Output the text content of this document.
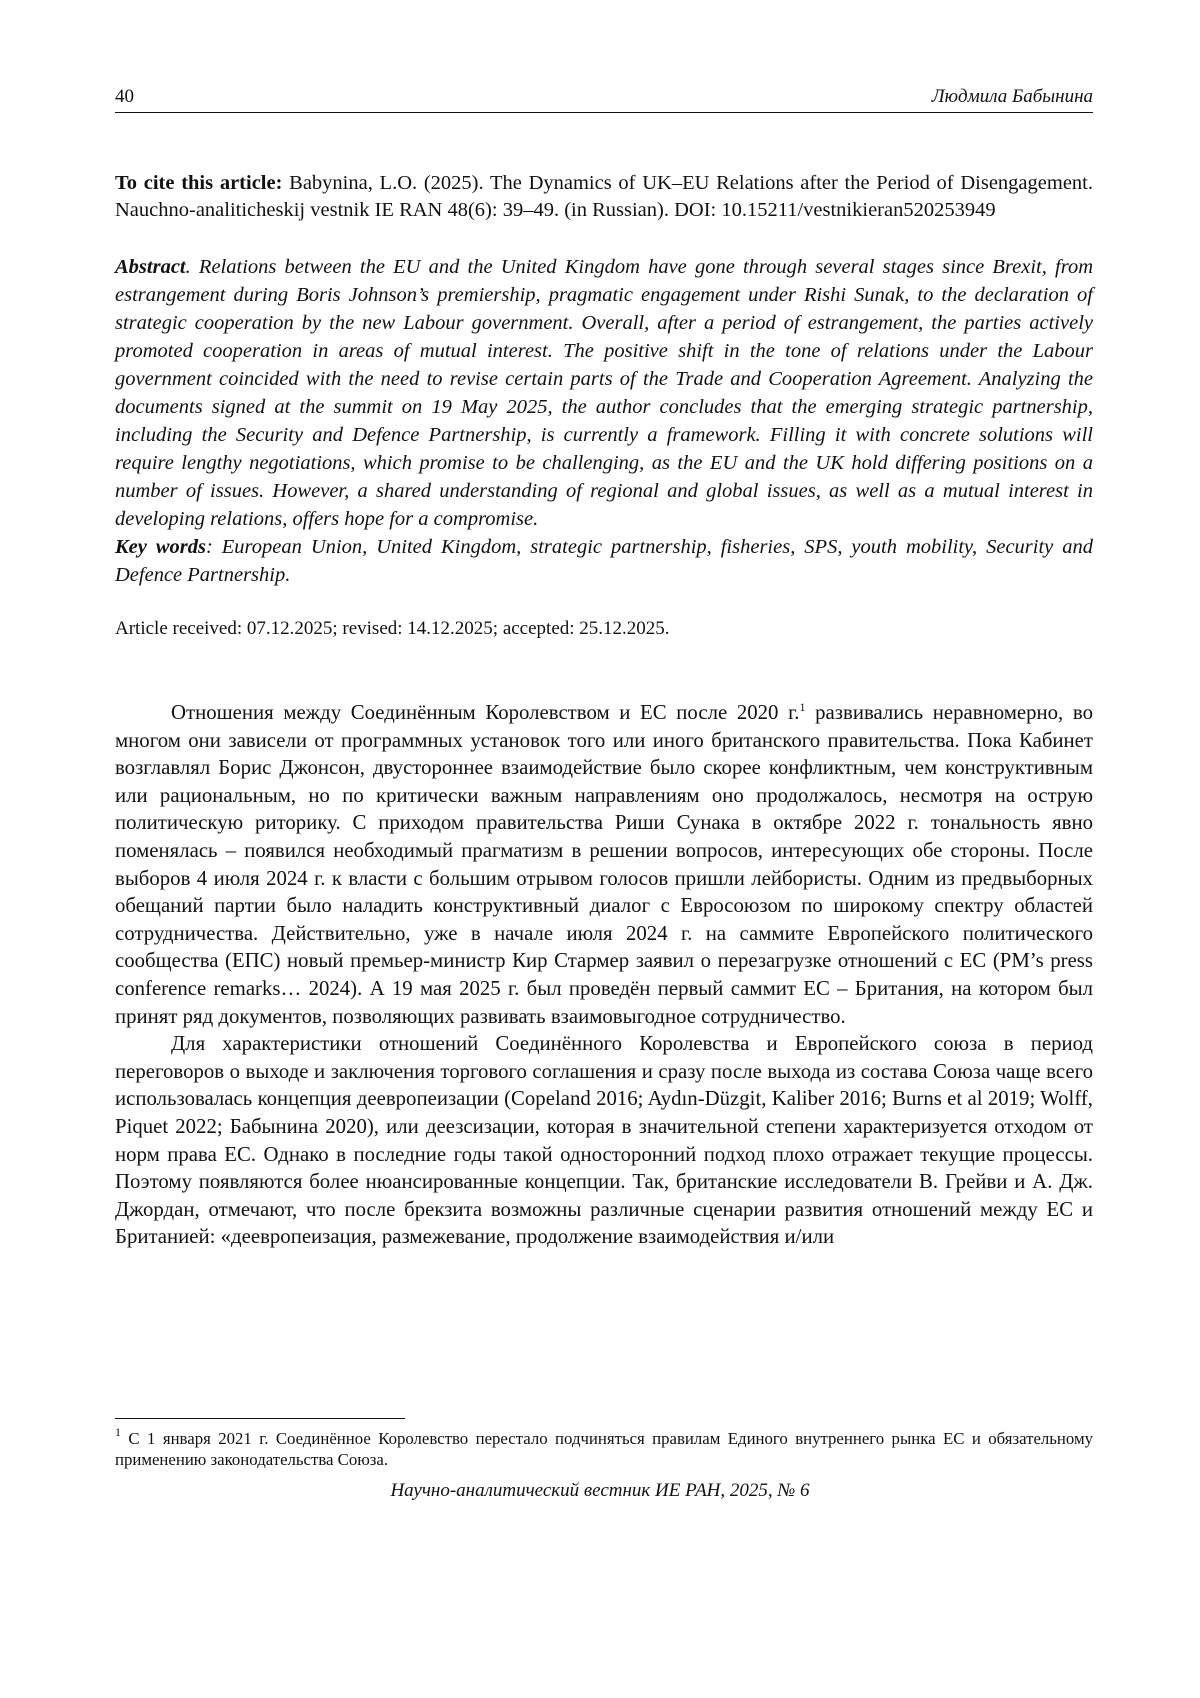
40	Людмила Бабынина

To cite this article: Babynina, L.O. (2025). The Dynamics of UK–EU Relations after the Period of Disengagement. Nauchno-analiticheskij vestnik IE RAN 48(6): 39–49. (in Russian). DOI: 10.15211/vestnikieran520253949

Abstract. Relations between the EU and the United Kingdom have gone through several stages since Brexit, from estrangement during Boris Johnson’s premiership, pragmatic engagement under Rishi Sunak, to the declaration of strategic cooperation by the new Labour government. Overall, after a period of estrangement, the parties actively promoted cooperation in areas of mutual interest. The positive shift in the tone of relations under the Labour government coincided with the need to revise certain parts of the Trade and Cooperation Agreement. Analyzing the documents signed at the summit on 19 May 2025, the author concludes that the emerging strategic partnership, including the Security and Defence Partnership, is currently a framework. Filling it with concrete solutions will require lengthy negotiations, which promise to be challenging, as the EU and the UK hold differing positions on a number of issues. However, a shared understanding of regional and global issues, as well as a mutual interest in developing relations, offers hope for a compromise.

Key words: European Union, United Kingdom, strategic partnership, fisheries, SPS, youth mobility, Security and Defence Partnership.

Article received: 07.12.2025; revised: 14.12.2025; accepted: 25.12.2025.

Отношения между Соединённым Королевством и ЕС после 2020 г.$^1$ развивались неравномерно, во многом они зависели от программных установок того или иного британского правительства. Пока Кабинет возглавлял Борис Джонсон, двустороннее взаимодействие было скорее конфликтным, чем конструктивным или рациональным, но по критически важным направлениям оно продолжалось, несмотря на острую политическую риторику. С приходом правительства Риши Сунака в октябре 2022 г. тональность явно поменялась – появился необходимый прагматизм в решении вопросов, интересующих обе стороны. После выборов 4 июля 2024 г. к власти с большим отрывом голосов пришли лейбористы. Одним из предвыборных обещаний партии было наладить конструктивный диалог с Евросоюзом по широкому спектру областей сотрудничества. Действительно, уже в начале июля 2024 г. на саммите Европейского политического сообщества (ЕПС) новый премьер-министр Кир Стармер заявил о перезагрузке отношений с ЕС (PM’s press conference remarks… 2024). А 19 мая 2025 г. был проведён первый саммит ЕС – Британия, на котором был принят ряд документов, позволяющих развивать взаимовыгодное сотрудничество.

Для характеристики отношений Соединённого Королевства и Европейского союза в период переговоров о выходе и заключения торгового соглашения и сразу после выхода из состава Союза чаще всего использовалась концепция деевропеизации (Copeland 2016; Aydın-Düzgit, Kaliber 2016; Burns et al 2019; Wolff, Piquet 2022; Бабынина 2020), или деезсизации, которая в значительной степени характеризуется отходом от норм права ЕС. Однако в последние годы такой односторонний подход плохо отражает текущие процессы. Поэтому появляются более нюансированные концепции. Так, британские исследователи В. Грейви и А. Дж. Джордан, отмечают, что после брекзита возможны различные сценарии развития отношений между ЕС и Британией: «деевропеизация, размежевание, продолжение взаимодействия и/или

$^1$ С 1 января 2021 г. Соединённое Королевство перестало подчиняться правилам Единого внутреннего рынка ЕС и обязательному применению законодательства Союза.

Научно-аналитический вестник ИЕ РАН, 2025, № 6
